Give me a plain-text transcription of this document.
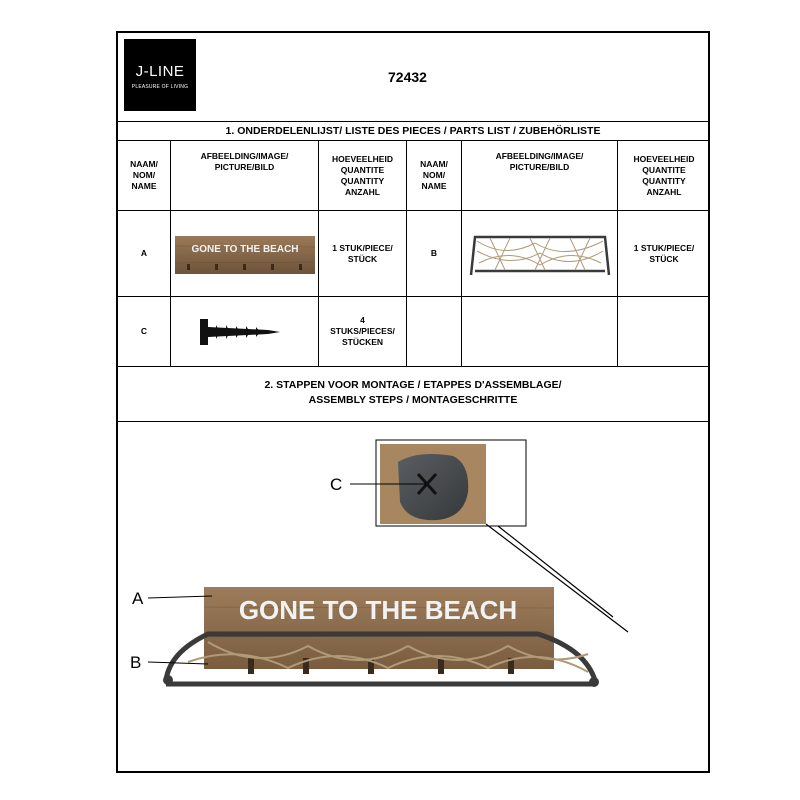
J-LINE
PLEASURE OF LIVING
72432
1. ONDERDELENLIJST/ LISTE DES PIECES / PARTS LIST / ZUBEHÖRLISTE
NAAM/
NOM/
NAME
AFBEELDING/IMAGE/
PICTURE/BILD
HOEVEELHEID
QUANTITE
QUANTITY
ANZAHL
NAAM/
NOM/
NAME
AFBEELDING/IMAGE/
PICTURE/BILD
HOEVEELHEID
QUANTITE
QUANTITY
ANZAHL
A	GONE TO THE BEACH	1 STUK/PIECE/
STÜCK
B
1 STUK/PIECE/
STÜCK
C
4
STUKS/PIECES/
STÜCKEN
2. STAPPEN VOOR MONTAGE / ETAPPES D'ASSEMBLAGE/
ASSEMBLY STEPS / MONTAGESCHRITTE
C
GONE TO THE BEACH
A
B
